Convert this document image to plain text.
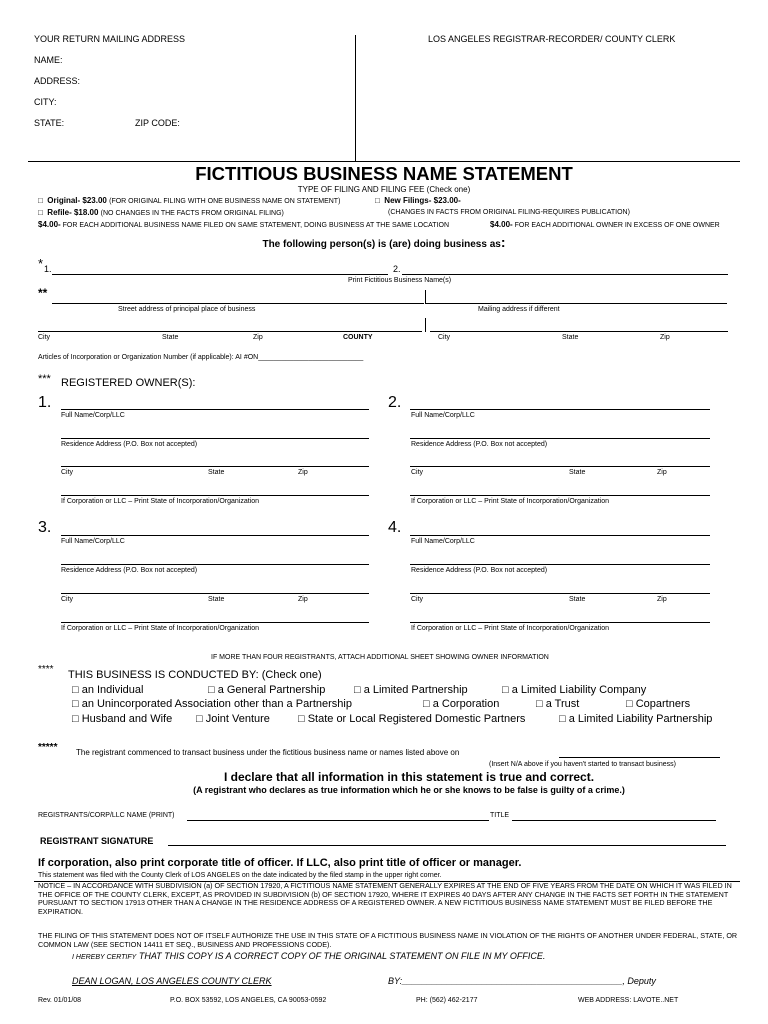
YOUR RETURN MAILING ADDRESS
NAME:
ADDRESS:
CITY:
STATE:	ZIP CODE:
LOS ANGELES REGISTRAR-RECORDER/ COUNTY CLERK
FICTITIOUS BUSINESS NAME STATEMENT
TYPE OF FILING AND FILING FEE (Check one)
□ Original- $23.00 (FOR ORIGINAL FILING WITH ONE BUSINESS NAME ON STATEMENT)	□ New Filings- $23.00-
□ Refile- $18.00 (NO CHANGES IN THE FACTS FROM ORIGINAL FILING)	(CHANGES IN FACTS FROM ORIGINAL FILING-REQUIRES PUBLICATION)
$4.00- FOR EACH ADDITIONAL BUSINESS NAME FILED ON SAME STATEMENT, DOING BUSINESS AT THE SAME LOCATION	$4.00- FOR EACH ADDITIONAL OWNER IN EXCESS OF ONE OWNER
The following person(s) is (are) doing business as:
* 1.	2.
Print Fictitious Business Name(s)
**
Street address of principal place of business	Mailing address if different
City	State	Zip	COUNTY	City	State	Zip
Articles of Incorporation or Organization Number (if applicable): AI #ON___________________________
*** REGISTERED OWNER(S):
1.
Full Name/Corp/LLC
Residence Address (P.O. Box not accepted)
City	State	Zip
If Corporation or LLC – Print State of Incorporation/Organization
2.
Full Name/Corp/LLC
Residence Address (P.O. Box not accepted)
City	State	Zip
If Corporation or LLC – Print State of Incorporation/Organization
3.
Full Name/Corp/LLC
Residence Address (P.O. Box not accepted)
City	State	Zip
If Corporation or LLC – Print State of Incorporation/Organization
4.
Full Name/Corp/LLC
Residence Address (P.O. Box not accepted)
City	State	Zip
If Corporation or LLC – Print State of Incorporation/Organization
IF MORE THAN FOUR REGISTRANTS, ATTACH ADDITIONAL SHEET SHOWING OWNER INFORMATION
**** THIS BUSINESS IS CONDUCTED BY: (Check one)
□ an Individual	□ a General Partnership	□ a Limited Partnership	□ a Limited Liability Company
□ an Unincorporated Association other than a Partnership	□ a Corporation	□ a Trust	□ Copartners
□ Husband and Wife □ Joint Venture	□ State or Local Registered Domestic Partners	□ a Limited Liability Partnership
***** The registrant commenced to transact business under the fictitious business name or names listed above on
(Insert N/A above if you haven't started to transact business)
I declare that all information in this statement is true and correct.
(A registrant who declares as true information which he or she knows to be false is guilty of a crime.)
REGISTRANTS/CORP/LLC NAME (PRINT)	TITLE
REGISTRANT SIGNATURE
If corporation, also print corporate title of officer. If LLC, also print title of officer or manager.
This statement was filed with the County Clerk of LOS ANGELES on the date indicated by the filed stamp in the upper right corner.
NOTICE – IN ACCORDANCE WITH SUBDIVISION (a) OF SECTION 17920, A FICTITIOUS NAME STATEMENT GENERALLY EXPIRES AT THE END OF FIVE YEARS FROM THE DATE ON WHICH IT WAS FILED IN THE OFFICE OF THE COUNTY CLERK, EXCEPT, AS PROVIDED IN SUBDIVISION (b) OF SECTION 17920, WHERE IT EXPIRES 40 DAYS AFTER ANY CHANGE IN THE FACTS SET FORTH IN THE STATEMENT PURSUANT TO SECTION 17913 OTHER THAN A CHANGE IN THE RESIDENCE ADDRESS OF A REGISTERED OWNER. A NEW FICTITIOUS BUSINESS NAME STATEMENT MUST BE FILED BEFORE THE EXPIRATION.
THE FILING OF THIS STATEMENT DOES NOT OF ITSELF AUTHORIZE THE USE IN THIS STATE OF A FICTITIOUS BUSINESS NAME IN VIOLATION OF THE RIGHTS OF ANOTHER UNDER FEDERAL, STATE, OR COMMON LAW (SEE SECTION 14411 ET SEQ., BUSINESS AND PROFESSIONS CODE).
I HEREBY CERTIFY THAT THIS COPY IS A CORRECT COPY OF THE ORIGINAL STATEMENT ON FILE IN MY OFFICE.
DEAN LOGAN, LOS ANGELES COUNTY CLERK	BY:____________________________________________, Deputy
Rev. 01/01/08	P.O. BOX 53592, LOS ANGELES, CA 90053-0592	PH: (562) 462-2177	WEB ADDRESS: LAVOTE..NET
